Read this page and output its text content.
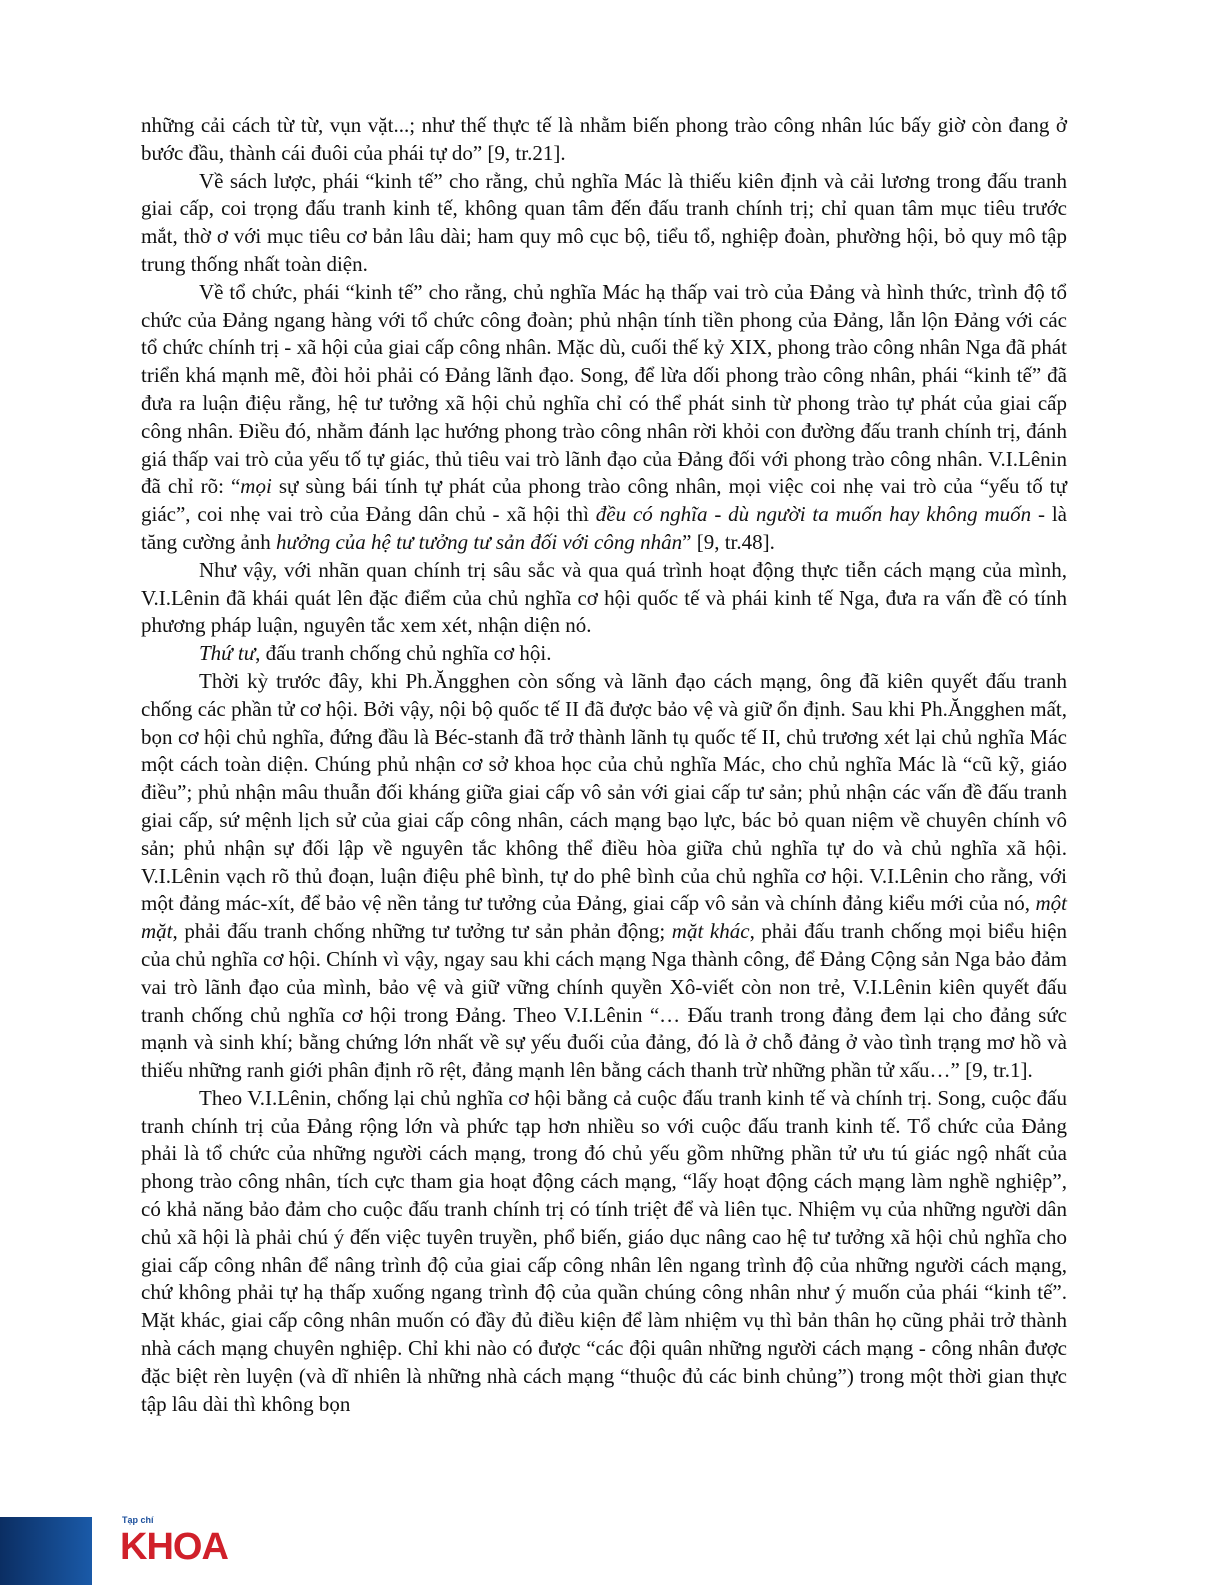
những cải cách từ từ, vụn vặt...; như thế thực tế là nhằm biến phong trào công nhân lúc bấy giờ còn đang ở bước đầu, thành cái đuôi của phái tự do” [9, tr.21].

Về sách lược, phái “kinh tế” cho rằng, chủ nghĩa Mác là thiếu kiên định và cải lương trong đấu tranh giai cấp, coi trọng đấu tranh kinh tế, không quan tâm đến đấu tranh chính trị; chỉ quan tâm mục tiêu trước mắt, thờ ơ với mục tiêu cơ bản lâu dài; ham quy mô cục bộ, tiểu tổ, nghiệp đoàn, phường hội, bỏ quy mô tập trung thống nhất toàn diện.

Về tổ chức, phái “kinh tế” cho rằng, chủ nghĩa Mác hạ thấp vai trò của Đảng và hình thức, trình độ tổ chức của Đảng ngang hàng với tổ chức công đoàn; phủ nhận tính tiền phong của Đảng, lẫn lộn Đảng với các tổ chức chính trị - xã hội của giai cấp công nhân. Mặc dù, cuối thế kỷ XIX, phong trào công nhân Nga đã phát triển khá mạnh mẽ, đòi hỏi phải có Đảng lãnh đạo. Song, để lừa dối phong trào công nhân, phái “kinh tế” đã đưa ra luận điệu rằng, hệ tư tưởng xã hội chủ nghĩa chỉ có thể phát sinh từ phong trào tự phát của giai cấp công nhân. Điều đó, nhằm đánh lạc hướng phong trào công nhân rời khỏi con đường đấu tranh chính trị, đánh giá thấp vai trò của yếu tố tự giác, thủ tiêu vai trò lãnh đạo của Đảng đối với phong trào công nhân. V.I.Lênin đã chỉ rõ: “mọi sự sùng bái tính tự phát của phong trào công nhân, mọi việc coi nhẹ vai trò của “yếu tố tự giác”, coi nhẹ vai trò của Đảng dân chủ - xã hội thì đều có nghĩa - dù người ta muốn hay không muốn - là tăng cường ảnh hưởng của hệ tư tưởng tư sản đối với công nhân” [9, tr.48].

Như vậy, với nhãn quan chính trị sâu sắc và qua quá trình hoạt động thực tiễn cách mạng của mình, V.I.Lênin đã khái quát lên đặc điểm của chủ nghĩa cơ hội quốc tế và phái kinh tế Nga, đưa ra vấn đề có tính phương pháp luận, nguyên tắc xem xét, nhận diện nó.

Thứ tư, đấu tranh chống chủ nghĩa cơ hội.

Thời kỳ trước đây, khi Ph.Ăngghen còn sống và lãnh đạo cách mạng, ông đã kiên quyết đấu tranh chống các phần tử cơ hội. Bởi vậy, nội bộ quốc tế II đã được bảo vệ và giữ ổn định. Sau khi Ph.Ăngghen mất, bọn cơ hội chủ nghĩa, đứng đầu là Béc-stanh đã trở thành lãnh tụ quốc tế II, chủ trương xét lại chủ nghĩa Mác một cách toàn diện. Chúng phủ nhận cơ sở khoa học của chủ nghĩa Mác, cho chủ nghĩa Mác là “cũ kỹ, giáo điều”; phủ nhận mâu thuẫn đối kháng giữa giai cấp vô sản với giai cấp tư sản; phủ nhận các vấn đề đấu tranh giai cấp, sứ mệnh lịch sử của giai cấp công nhân, cách mạng bạo lực, bác bỏ quan niệm về chuyên chính vô sản; phủ nhận sự đối lập về nguyên tắc không thể điều hòa giữa chủ nghĩa tự do và chủ nghĩa xã hội. V.I.Lênin vạch rõ thủ đoạn, luận điệu phê bình, tự do phê bình của chủ nghĩa cơ hội. V.I.Lênin cho rằng, với một đảng mác-xít, để bảo vệ nền tảng tư tưởng của Đảng, giai cấp vô sản và chính đảng kiểu mới của nó, một mặt, phải đấu tranh chống những tư tưởng tư sản phản động; mặt khác, phải đấu tranh chống mọi biểu hiện của chủ nghĩa cơ hội. Chính vì vậy, ngay sau khi cách mạng Nga thành công, để Đảng Cộng sản Nga bảo đảm vai trò lãnh đạo của mình, bảo vệ và giữ vững chính quyền Xô-viết còn non trẻ, V.I.Lênin kiên quyết đấu tranh chống chủ nghĩa cơ hội trong Đảng. Theo V.I.Lênin “… Đấu tranh trong đảng đem lại cho đảng sức mạnh và sinh khí; bằng chứng lớn nhất về sự yếu đuối của đảng, đó là ở chỗ đảng ở vào tình trạng mơ hồ và thiếu những ranh giới phân định rõ rệt, đảng mạnh lên bằng cách thanh trừ những phần tử xấu…” [9, tr.1].

Theo V.I.Lênin, chống lại chủ nghĩa cơ hội bằng cả cuộc đấu tranh kinh tế và chính trị. Song, cuộc đấu tranh chính trị của Đảng rộng lớn và phức tạp hơn nhiều so với cuộc đấu tranh kinh tế. Tổ chức của Đảng phải là tổ chức của những người cách mạng, trong đó chủ yếu gồm những phần tử ưu tú giác ngộ nhất của phong trào công nhân, tích cực tham gia hoạt động cách mạng, “lấy hoạt động cách mạng làm nghề nghiệp”, có khả năng bảo đảm cho cuộc đấu tranh chính trị có tính triệt để và liên tục. Nhiệm vụ của những người dân chủ xã hội là phải chú ý đến việc tuyên truyền, phổ biến, giáo dục nâng cao hệ tư tưởng xã hội chủ nghĩa cho giai cấp công nhân để nâng trình độ của giai cấp công nhân lên ngang trình độ của những người cách mạng, chứ không phải tự hạ thấp xuống ngang trình độ của quần chúng công nhân như ý muốn của phái “kinh tế”. Mặt khác, giai cấp công nhân muốn có đầy đủ điều kiện để làm nhiệm vụ thì bản thân họ cũng phải trở thành nhà cách mạng chuyên nghiệp. Chỉ khi nào có được “các đội quân những người cách mạng - công nhân được đặc biệt rèn luyện (và dĩ nhiên là những nhà cách mạng “thuộc đủ các binh chủng”) trong một thời gian thực tập lâu dài thì không bọn

Tạp chí
KHOA
